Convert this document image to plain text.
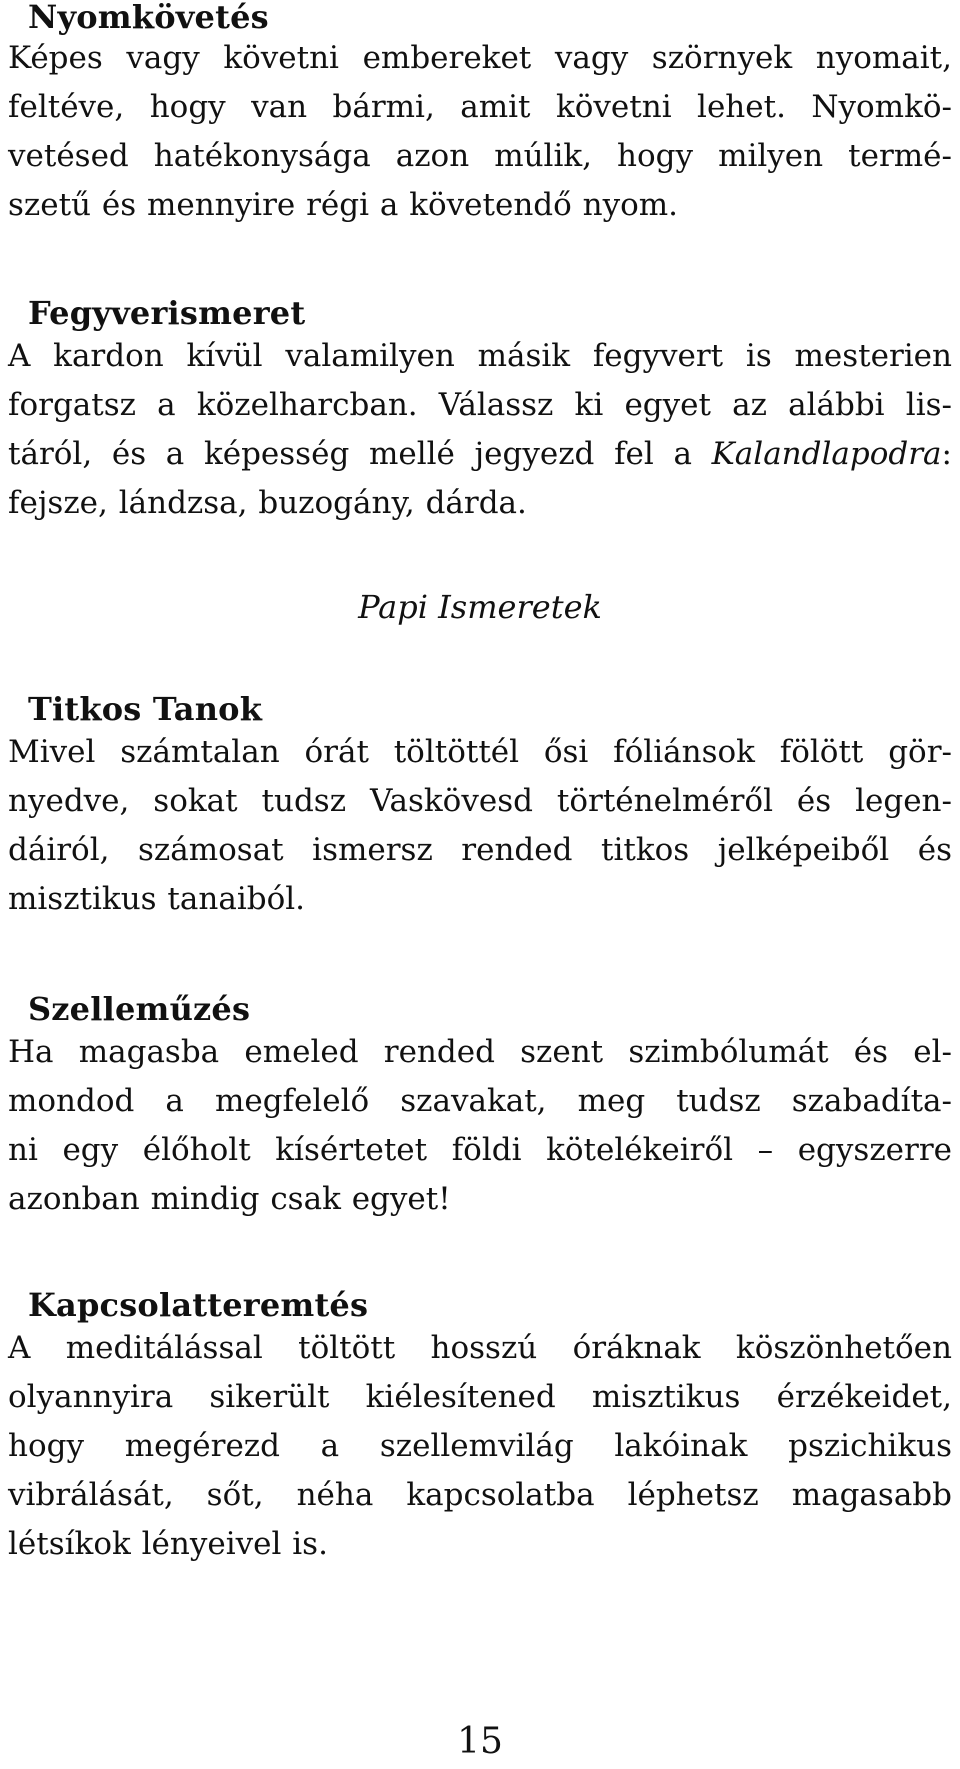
Nyomkövetés
Képes vagy követni embereket vagy szörnyek nyomait,
feltéve, hogy van bármi, amit követni lehet. Nyomkö-
vetésed hatékonysága azon múlik, hogy milyen termé-
szetű és mennyire régi a követendő nyom.
Fegyverismeret
A kardon kívül valamilyen másik fegyvert is mesterien
forgatsz a közelharcban. Válassz ki egyet az alábbi lis-
táról, és a képesség mellé jegyezd fel a Kalandlapodra:
fejsze, lándzsa, buzogány, dárda.
Papi Ismeretek
Titkos Tanok
Mivel számtalan órát töltöttél ősi fóliánsok fölött gör-
nyedve, sokat tudsz Vaskövesd történelméről és legen-
dáiról, számosat ismersz rended titkos jelképeiből és
misztikus tanaiból.
Szelleműzés
Ha magasba emeled rended szent szimbólumát és el-
mondod a megfelelő szavakat, meg tudsz szabadíta-
ni egy élőholt kísértetet földi kötelékeiről – egyszerre
azonban mindig csak egyet!
Kapcsolatteremtés
A meditálással töltött hosszú óráknak köszönhetően
olyannyira sikerült kiélesítened misztikus érzékeidet,
hogy megérezd a szellemvilág lakóinak pszichikus
vibrálását, sőt, néha kapcsolatba léphetsz magasabb
létsíkok lényeivel is.
15
